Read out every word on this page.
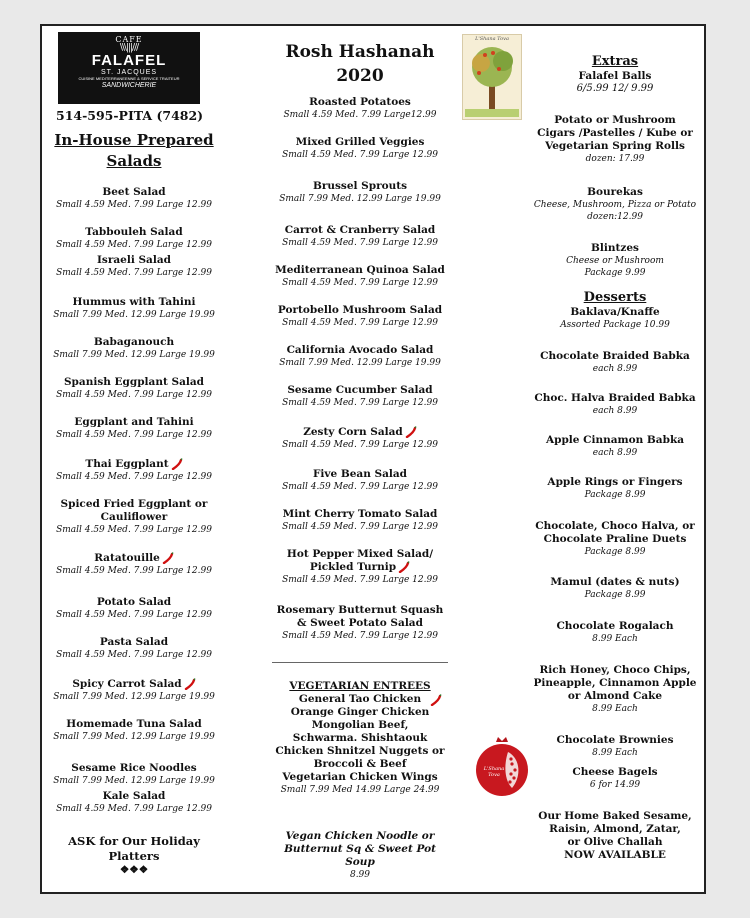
CAFE
\\\|||///
FALAFEL
ST. JACQUES
CUISINE MEDITERRANEENNE & SERVICE TRAITEUR
SANDWICHERIE
514-595-PITA (7482)
In-House Prepared
Salads
Beet Salad
Small 4.59 Med. 7.99 Large 12.99
Tabbouleh Salad
Small 4.59 Med. 7.99 Large 12.99
Israeli Salad
Small 4.59 Med. 7.99 Large 12.99
Hummus with Tahini
Small 7.99 Med. 12.99 Large 19.99
Babaganouch
Small 7.99 Med. 12.99 Large 19.99
Spanish Eggplant Salad
Small 4.59 Med. 7.99 Large 12.99
Eggplant and Tahini
Small 4.59 Med. 7.99 Large 12.99
Thai Eggplant
Small 4.59 Med. 7.99 Large 12.99
Spiced Fried Eggplant or
Cauliflower
Small 4.59 Med. 7.99 Large 12.99
Ratatouille
Small 4.59 Med. 7.99 Large 12.99
Potato Salad
Small 4.59 Med. 7.99 Large 12.99
Pasta Salad
Small 4.59 Med. 7.99 Large 12.99
Spicy Carrot Salad
Small 7.99 Med. 12.99 Large 19.99
Homemade Tuna Salad
Small 7.99 Med. 12.99 Large 19.99
Sesame Rice Noodles
Small 7.99 Med. 12.99 Large 19.99
Kale Salad
Small 4.59 Med. 7.99 Large 12.99
ASK for Our Holiday
Platters
❖❖❖
Rosh Hashanah
2020
Roasted Potatoes
Small 4.59 Med. 7.99 Large12.99
Mixed Grilled Veggies
Small 4.59 Med. 7.99 Large 12.99
Brussel Sprouts
Small 7.99 Med. 12.99 Large 19.99
Carrot & Cranberry Salad
Small 4.59 Med. 7.99 Large 12.99
Mediterranean Quinoa Salad
Small 4.59 Med. 7.99 Large 12.99
Portobello Mushroom Salad
Small 4.59 Med. 7.99 Large 12.99
California Avocado Salad
Small 7.99 Med. 12.99 Large 19.99
Sesame Cucumber Salad
Small 4.59 Med. 7.99 Large 12.99
Zesty Corn Salad
Small 4.59 Med. 7.99 Large 12.99
Five Bean Salad
Small 4.59 Med. 7.99 Large 12.99
Mint Cherry Tomato Salad
Small 4.59 Med. 7.99 Large 12.99
Hot Pepper Mixed Salad/
Pickled Turnip
Small 4.59 Med. 7.99 Large 12.99
Rosemary Butternut Squash
& Sweet Potato Salad
Small 4.59 Med. 7.99 Large 12.99
VEGETARIAN ENTREES
General Tao Chicken
Orange Ginger Chicken
Mongolian Beef,
Schwarma. Shishtaouk
Chicken Shnitzel Nuggets or
Broccoli & Beef
Vegetarian Chicken Wings
Small 7.99 Med 14.99 Large 24.99
Vegan Chicken Noodle or
Butternut Sq & Sweet Pot Soup
8.99
L'Shana Tova
Extras
Falafel Balls
6/5.99 12/ 9.99
Potato or Mushroom
Cigars /Pastelles / Kube or
Vegetarian Spring Rolls
dozen: 17.99
Bourekas
Cheese, Mushroom, Pizza or Potato
dozen:12.99
Blintzes
Cheese or Mushroom
Package 9.99
Desserts
Baklava/Knaffe
Assorted Package 10.99
Chocolate Braided Babka
each 8.99
Choc. Halva Braided Babka
each 8.99
Apple Cinnamon Babka
each 8.99
Apple Rings or Fingers
Package 8.99
Chocolate, Choco Halva, or
Chocolate Praline Duets
Package 8.99
Mamul (dates & nuts)
Package 8.99
Chocolate Rogalach
8.99 Each
Rich Honey, Choco Chips,
Pineapple, Cinnamon Apple
or Almond Cake
8.99 Each
Chocolate Brownies
8.99 Each
Cheese Bagels
6 for 14.99
Our Home Baked Sesame,
Raisin, Almond, Zatar,
or Olive Challah
NOW AVAILABLE
L'Shana Tova
